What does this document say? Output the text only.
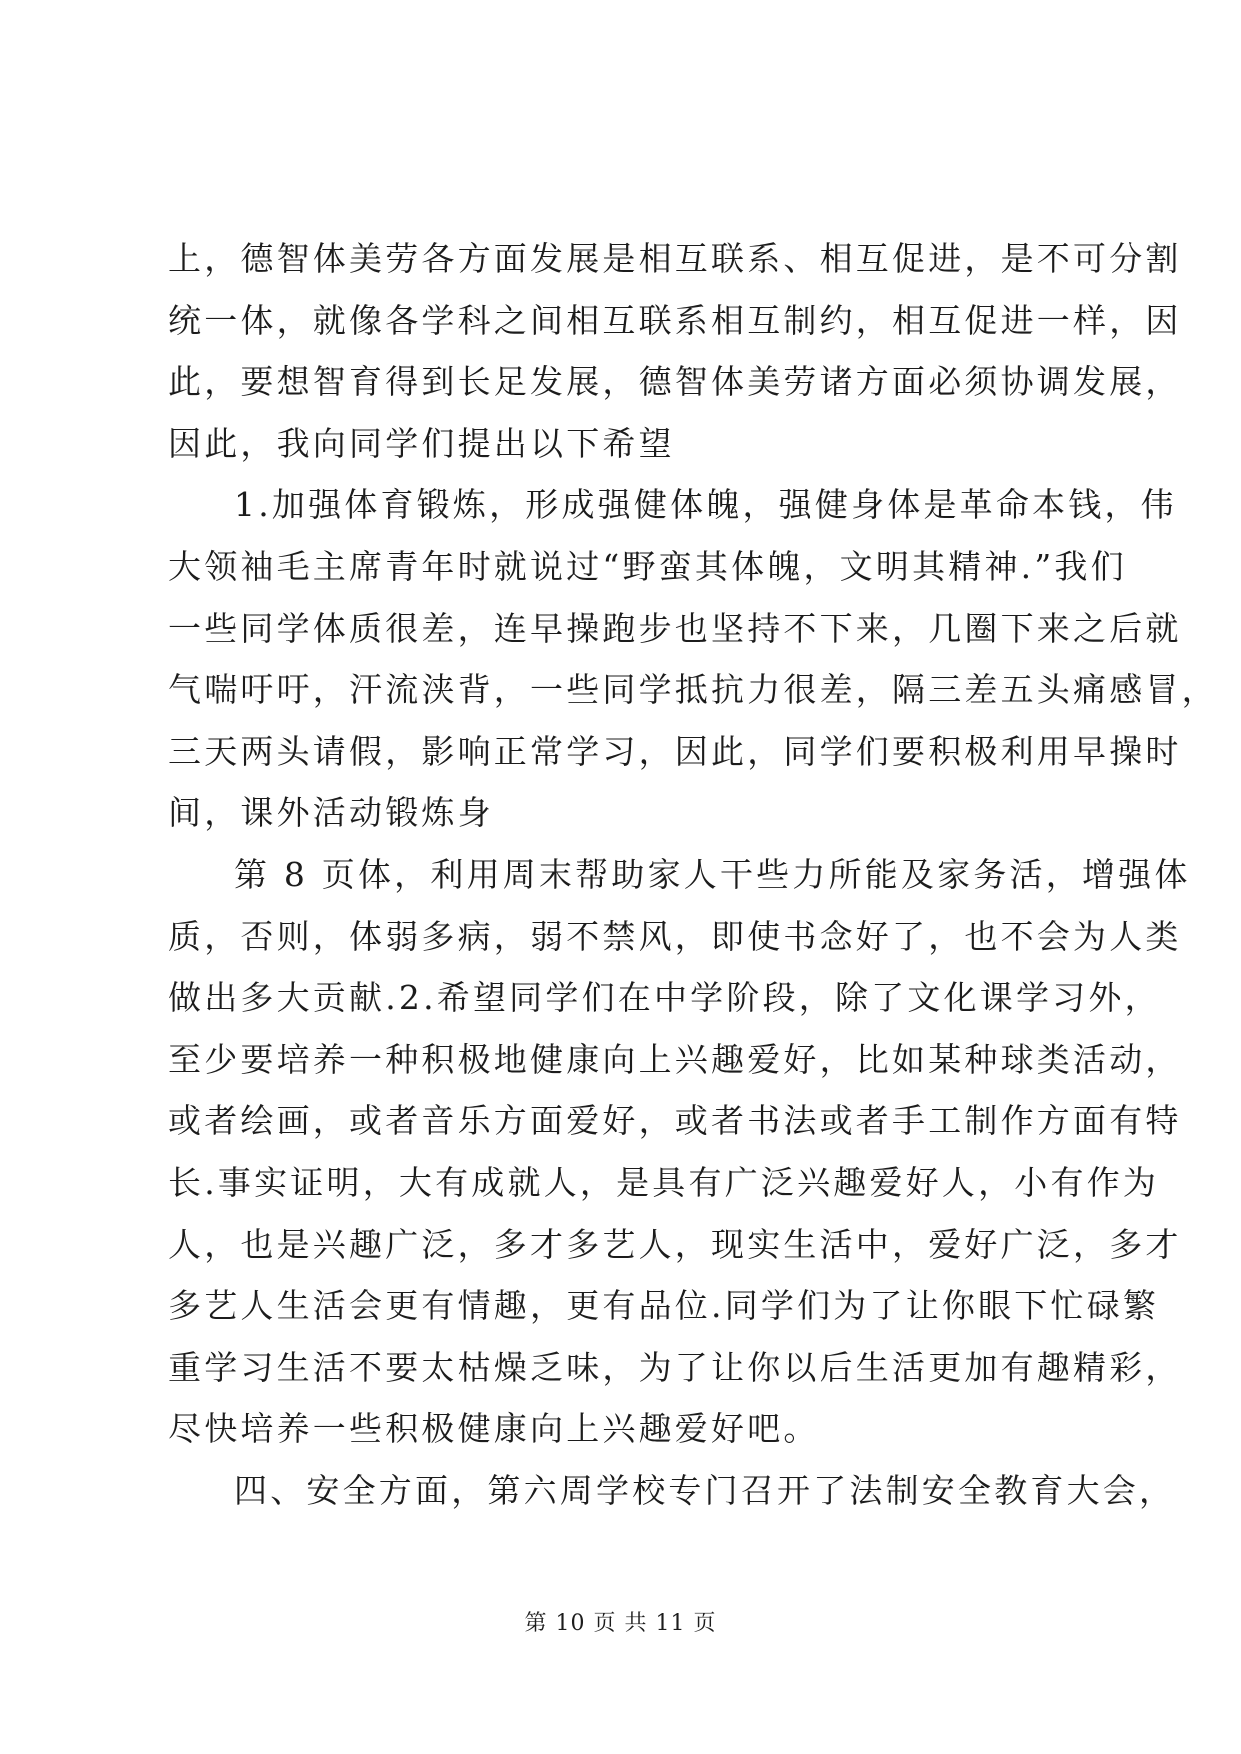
上，德智体美劳各方面发展是相互联系、相互促进，是不可分割
统一体，就像各学科之间相互联系相互制约，相互促进一样，因
此，要想智育得到长足发展，德智体美劳诸方面必须协调发展，
因此，我向同学们提出以下希望
1.加强体育锻炼，形成强健体魄，强健身体是革命本钱，伟
大领袖毛主席青年时就说过“野蛮其体魄，文明其精神.”我们
一些同学体质很差，连早操跑步也坚持不下来，几圈下来之后就
气喘吁吁，汗流浃背，一些同学抵抗力很差，隔三差五头痛感冒，
三天两头请假，影响正常学习，因此，同学们要积极利用早操时
间，课外活动锻炼身
第 8 页体，利用周末帮助家人干些力所能及家务活，增强体
质，否则，体弱多病，弱不禁风，即使书念好了，也不会为人类
做出多大贡献.2.希望同学们在中学阶段，除了文化课学习外，
至少要培养一种积极地健康向上兴趣爱好，比如某种球类活动，
或者绘画，或者音乐方面爱好，或者书法或者手工制作方面有特
长.事实证明，大有成就人，是具有广泛兴趣爱好人，小有作为
人，也是兴趣广泛，多才多艺人，现实生活中，爱好广泛，多才
多艺人生活会更有情趣，更有品位.同学们为了让你眼下忙碌繁
重学习生活不要太枯燥乏味，为了让你以后生活更加有趣精彩，
尽快培养一些积极健康向上兴趣爱好吧。
四、安全方面，第六周学校专门召开了法制安全教育大会，
第 10 页 共 11 页
